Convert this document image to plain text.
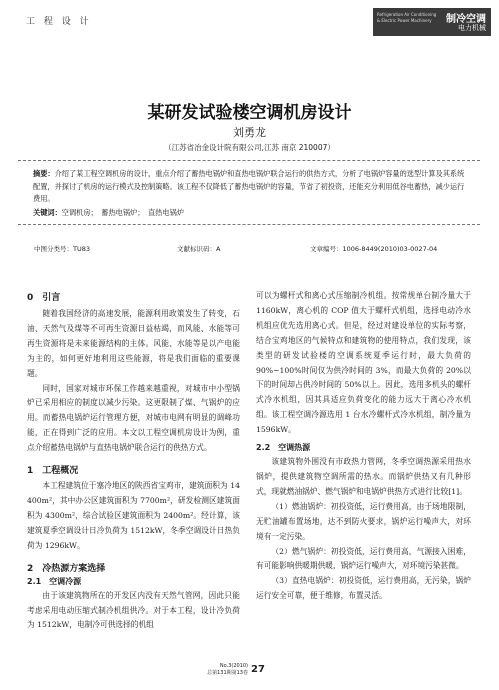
工 程 设 计
Refrigeration Air Conditioning & Electric Power Machinery	制冷空调
电力机械
某研发试验楼空调机房设计
刘勇龙
（江苏省冶金设计院有限公司,江苏 南京 210007）

摘要：介绍了某工程空调机房的设计，重点介绍了蓄热电锅炉和直热电锅炉联合运行的供热方式，分析了电锅炉容量的选型计算及其系统配置，并探讨了机房的运行模式及控制策略。该工程不仅降低了蓄热电锅炉的容量，节省了初投资，还能充分利用低谷电蓄热，减少运行费用。

关键词：空调机房；　蓄热电锅炉；　直热电锅炉

中图分类号：TU83	文献标识码：A	文章编号：1006-8449(2010)03-0027-04
0　引言

随着我国经济的高速发展，能源利用政策发生了转变，石油、天然气及煤等不可再生资源日益枯竭，而风能、水能等可再生资源将是未来能源结构的主体。风能、水能等是以产电能为主的，如何更好地利用这些能源，将是我们面临的重要课题。

同时，国家对城市环保工作越来越重视，对城市中小型锅炉已采用相应的制度以减少污染。这更限制了煤、气锅炉的应用。而蓄热电锅炉运行管理方便，对城市电网有明显的调峰功能，正在得到广泛的应用。本文以工程空调机房设计为例，重点介绍蓄热电锅炉与直热电锅炉联合运行的供热方式。

1　工程概况

本工程建筑位于塞冷地区的陕西省宝鸡市，建筑面积为 14 400m²，其中办公区建筑面积为 7700m²，研发检测区建筑面积为 4300m²，综合试验区建筑面积为 2400m²。经计算，该建筑夏季空调设计日冷负荷为 1512kW，冬季空调设计日热负荷为 1296kW。

2　冷热源方案选择
2.1　空调冷源

由于该建筑物所在的开发区内没有天然气管网，因此只能考虑采用电动压缩式制冷机组供冷。对于本工程，设计冷负荷为 1512kW，电制冷可供选择的机组

可以为螺杆式和离心式压缩制冷机组。按常规单台制冷量大于 1160kW，离心机的 COP 值大于螺杆式机组，选择电动冷水机组应优先选用离心式。但是，经过对建设单位的实际考察，结合宝鸡地区的气候特点和建筑物的使用特点，我们发现，该类型的研发试验楼的空调系统夏季运行时，最大负荷的 90%~100%时间仅为供冷时间的 3%，而最大负荷的 20%以下的时间却占供冷时间的 50%以上。因此，选用多机头的螺杆式冷水机组，因其具适应负荷变化的能力远大于离心冷水机组。该工程空调冷源选用 1 台水冷螺杆式冷水机组，制冷量为 1596kW。

2.2　空调热源

该建筑物外围没有市政热力管网，冬季空调热源采用热水锅炉，提供建筑物空调所需的热水。而锅炉供热又有几种形式，现就燃油锅炉、燃气锅炉和电锅炉供热方式进行比较[1]。

（1）燃油锅炉：初投资低，运行费用高，由于场地限制，无贮油罐布置场地，达不到防火要求，锅炉运行噪声大，对环境有一定污染。

（2）燃气锅炉：初投资低，运行费用高，气源接入困难，有可能影响供暖期供暖，锅炉运行噪声大，对环境污染甚微。

（3）直热电锅炉：初投资低，运行费用高，无污染，锅炉运行安全可靠，便于维修，布置灵活。

No.3(2010)
总第131期第13卷 27
